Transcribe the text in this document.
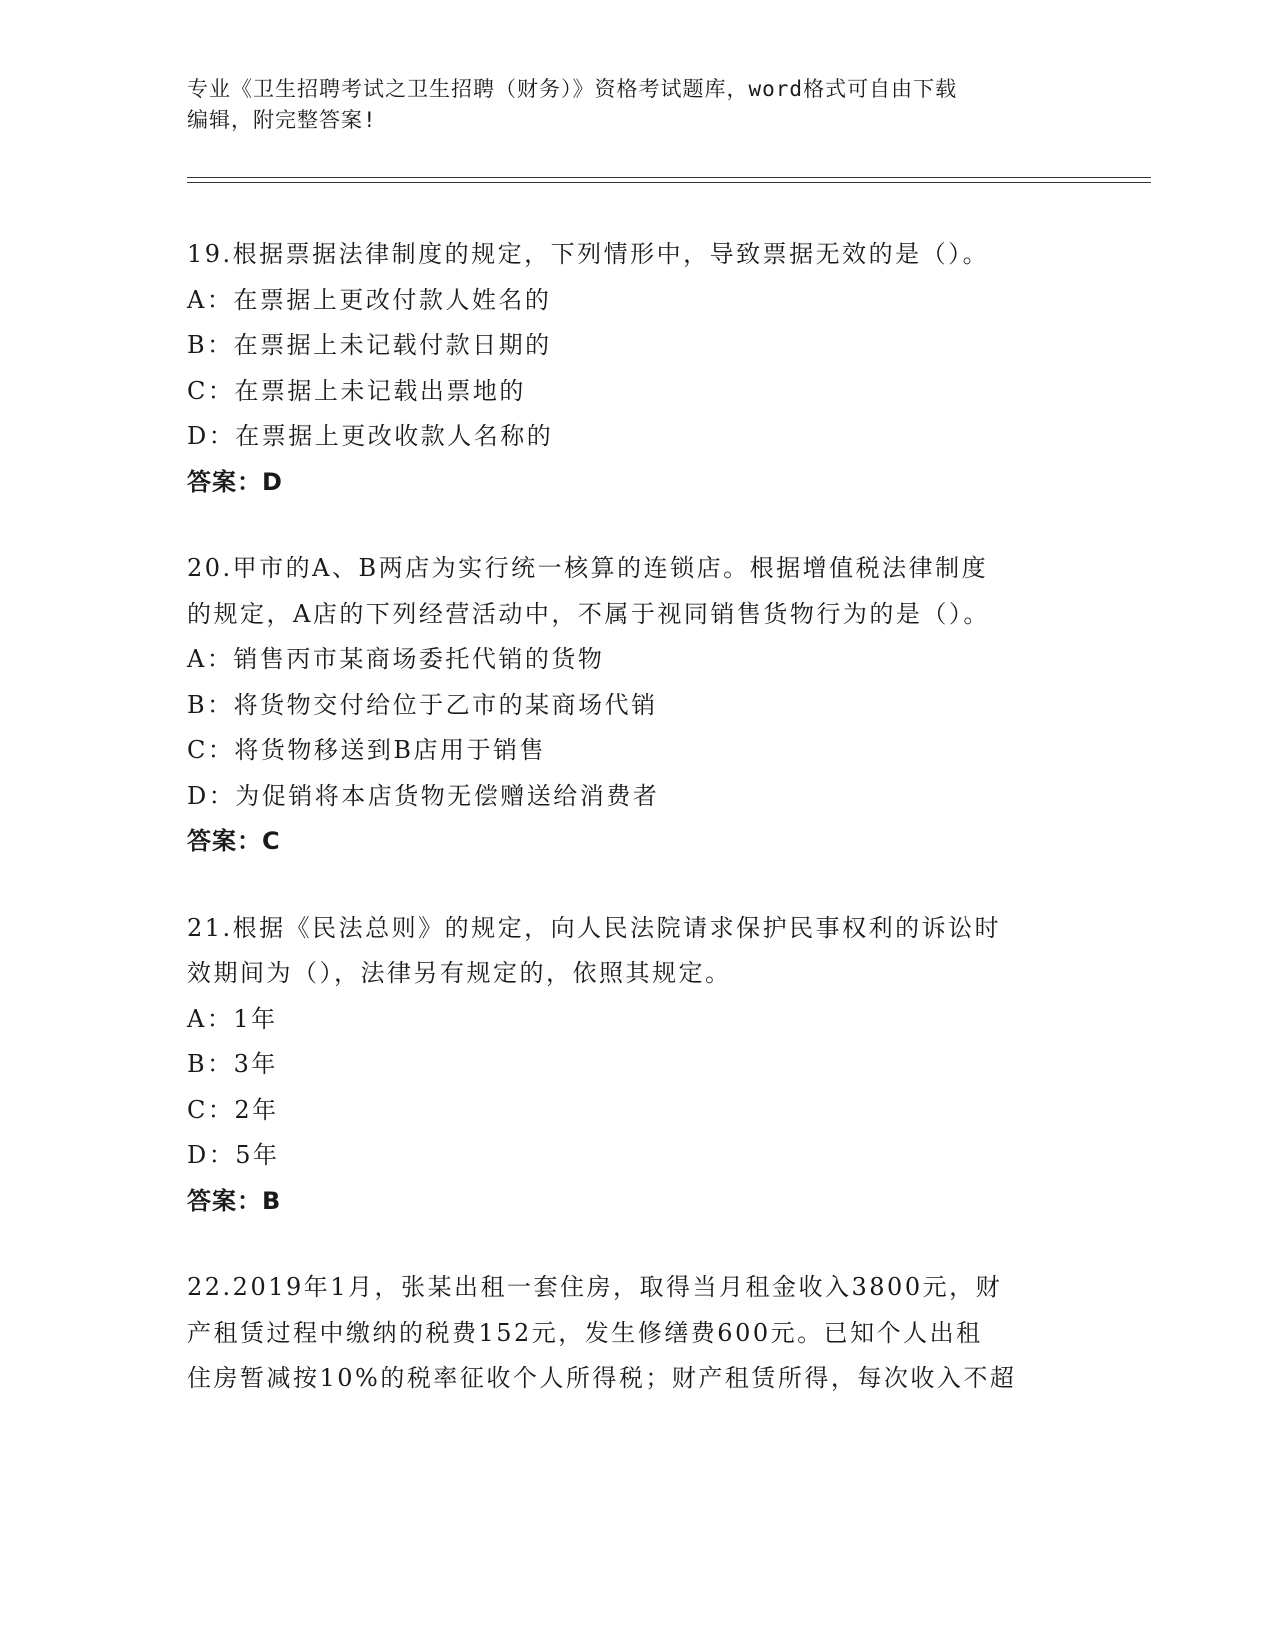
专业《卫生招聘考试之卫生招聘（财务）》资格考试题库，word格式可自由下载

编辑，附完整答案!

19.根据票据法律制度的规定，下列情形中，导致票据无效的是（）。
A：在票据上更改付款人姓名的
B：在票据上未记载付款日期的
C：在票据上未记载出票地的
D：在票据上更改收款人名称的
答案：D
20.甲市的A、B两店为实行统一核算的连锁店。根据增值税法律制度
的规定，A店的下列经营活动中，不属于视同销售货物行为的是（）。
A：销售丙市某商场委托代销的货物
B：将货物交付给位于乙市的某商场代销
C：将货物移送到B店用于销售
D：为促销将本店货物无偿赠送给消费者
答案：C
21.根据《民法总则》的规定，向人民法院请求保护民事权利的诉讼时
效期间为（），法律另有规定的，依照其规定。
A：1年
B：3年
C：2年
D：5年
答案：B
22.2019年1月，张某出租一套住房，取得当月租金收入3800元，财
产租赁过程中缴纳的税费152元，发生修缮费600元。已知个人出租
住房暂减按10%的税率征收个人所得税；财产租赁所得，每次收入不超
